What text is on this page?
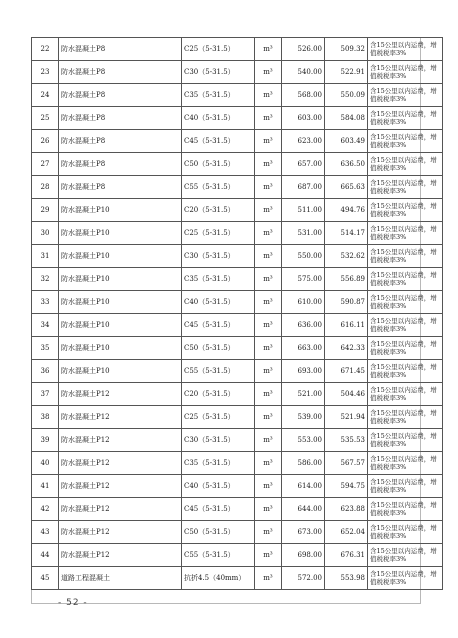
22	防水混凝土P8	C25（5-31.5）	m³	526.00	509.32	含15公里以内运费，增值税税率3%
23	防水混凝土P8	C30（5-31.5）	m³	540.00	522.91	含15公里以内运费，增值税税率3%
24	防水混凝土P8	C35（5-31.5）	m³	568.00	550.09	含15公里以内运费，增值税税率3%
25	防水混凝土P8	C40（5-31.5）	m³	603.00	584.08	含15公里以内运费，增值税税率3%
26	防水混凝土P8	C45（5-31.5）	m³	623.00	603.49	含15公里以内运费，增值税税率3%
27	防水混凝土P8	C50（5-31.5）	m³	657.00	636.50	含15公里以内运费，增值税税率3%
28	防水混凝土P8	C55（5-31.5）	m³	687.00	665.63	含15公里以内运费，增值税税率3%
29	防水混凝土P10	C20（5-31.5）	m³	511.00	494.76	含15公里以内运费，增值税税率3%
30	防水混凝土P10	C25（5-31.5）	m³	531.00	514.17	含15公里以内运费，增值税税率3%
31	防水混凝土P10	C30（5-31.5）	m³	550.00	532.62	含15公里以内运费，增值税税率3%
32	防水混凝土P10	C35（5-31.5）	m³	575.00	556.89	含15公里以内运费，增值税税率3%
33	防水混凝土P10	C40（5-31.5）	m³	610.00	590.87	含15公里以内运费，增值税税率3%
34	防水混凝土P10	C45（5-31.5）	m³	636.00	616.11	含15公里以内运费，增值税税率3%
35	防水混凝土P10	C50（5-31.5）	m³	663.00	642.33	含15公里以内运费，增值税税率3%
36	防水混凝土P10	C55（5-31.5）	m³	693.00	671.45	含15公里以内运费，增值税税率3%
37	防水混凝土P12	C20（5-31.5）	m³	521.00	504.46	含15公里以内运费，增值税税率3%
38	防水混凝土P12	C25（5-31.5）	m³	539.00	521.94	含15公里以内运费，增值税税率3%
39	防水混凝土P12	C30（5-31.5）	m³	553.00	535.53	含15公里以内运费，增值税税率3%
40	防水混凝土P12	C35（5-31.5）	m³	586.00	567.57	含15公里以内运费，增值税税率3%
41	防水混凝土P12	C40（5-31.5）	m³	614.00	594.75	含15公里以内运费，增值税税率3%
42	防水混凝土P12	C45（5-31.5）	m³	644.00	623.88	含15公里以内运费，增值税税率3%
43	防水混凝土P12	C50（5-31.5）	m³	673.00	652.04	含15公里以内运费，增值税税率3%
44	防水混凝土P12	C55（5-31.5）	m³	698.00	676.31	含15公里以内运费，增值税税率3%
45	道路工程混凝土	抗折4.5（40mm）	m³	572.00	553.98	含15公里以内运费，增值税税率3%
- 52 -
